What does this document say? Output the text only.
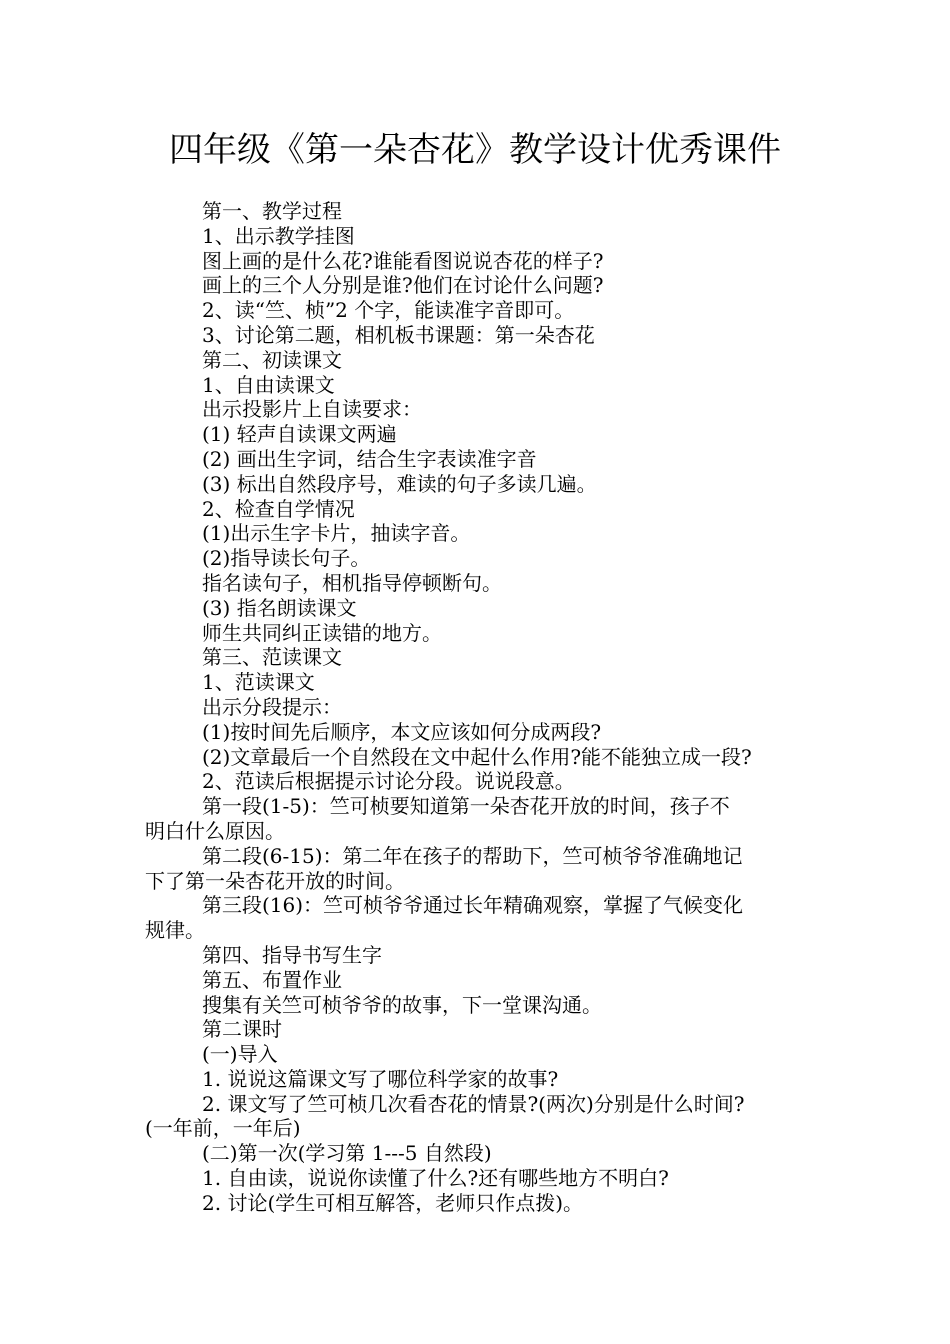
四年级《第一朵杏花》教学设计优秀课件
第一、教学过程
1、出示教学挂图
图上画的是什么花?谁能看图说说杏花的样子?
画上的三个人分别是谁?他们在讨论什么问题?
2、读“竺、桢”2 个字，能读准字音即可。
3、讨论第二题，相机板书课题：第一朵杏花
第二、初读课文
1、自由读课文
出示投影片上自读要求：
(1) 轻声自读课文两遍
(2) 画出生字词，结合生字表读准字音
(3) 标出自然段序号，难读的句子多读几遍。
2、检查自学情况
(1)出示生字卡片，抽读字音。
(2)指导读长句子。
指名读句子，相机指导停顿断句。
(3) 指名朗读课文
师生共同纠正读错的地方。
第三、范读课文
1、范读课文
出示分段提示：
(1)按时间先后顺序，本文应该如何分成两段?
(2)文章最后一个自然段在文中起什么作用?能不能独立成一段?
2、范读后根据提示讨论分段。说说段意。
第一段(1-5)：竺可桢要知道第一朵杏花开放的时间，孩子不
明白什么原因。
第二段(6-15)：第二年在孩子的帮助下，竺可桢爷爷准确地记
下了第一朵杏花开放的时间。
第三段(16)：竺可桢爷爷通过长年精确观察，掌握了气候变化
规律。
第四、指导书写生字
第五、布置作业
搜集有关竺可桢爷爷的故事，下一堂课沟通。
第二课时
(一)导入
1. 说说这篇课文写了哪位科学家的故事?
2. 课文写了竺可桢几次看杏花的情景?(两次)分别是什么时间?
(一年前，一年后)
(二)第一次(学习第 1---5 自然段)
1. 自由读，说说你读懂了什么?还有哪些地方不明白?
2. 讨论(学生可相互解答，老师只作点拨)。
